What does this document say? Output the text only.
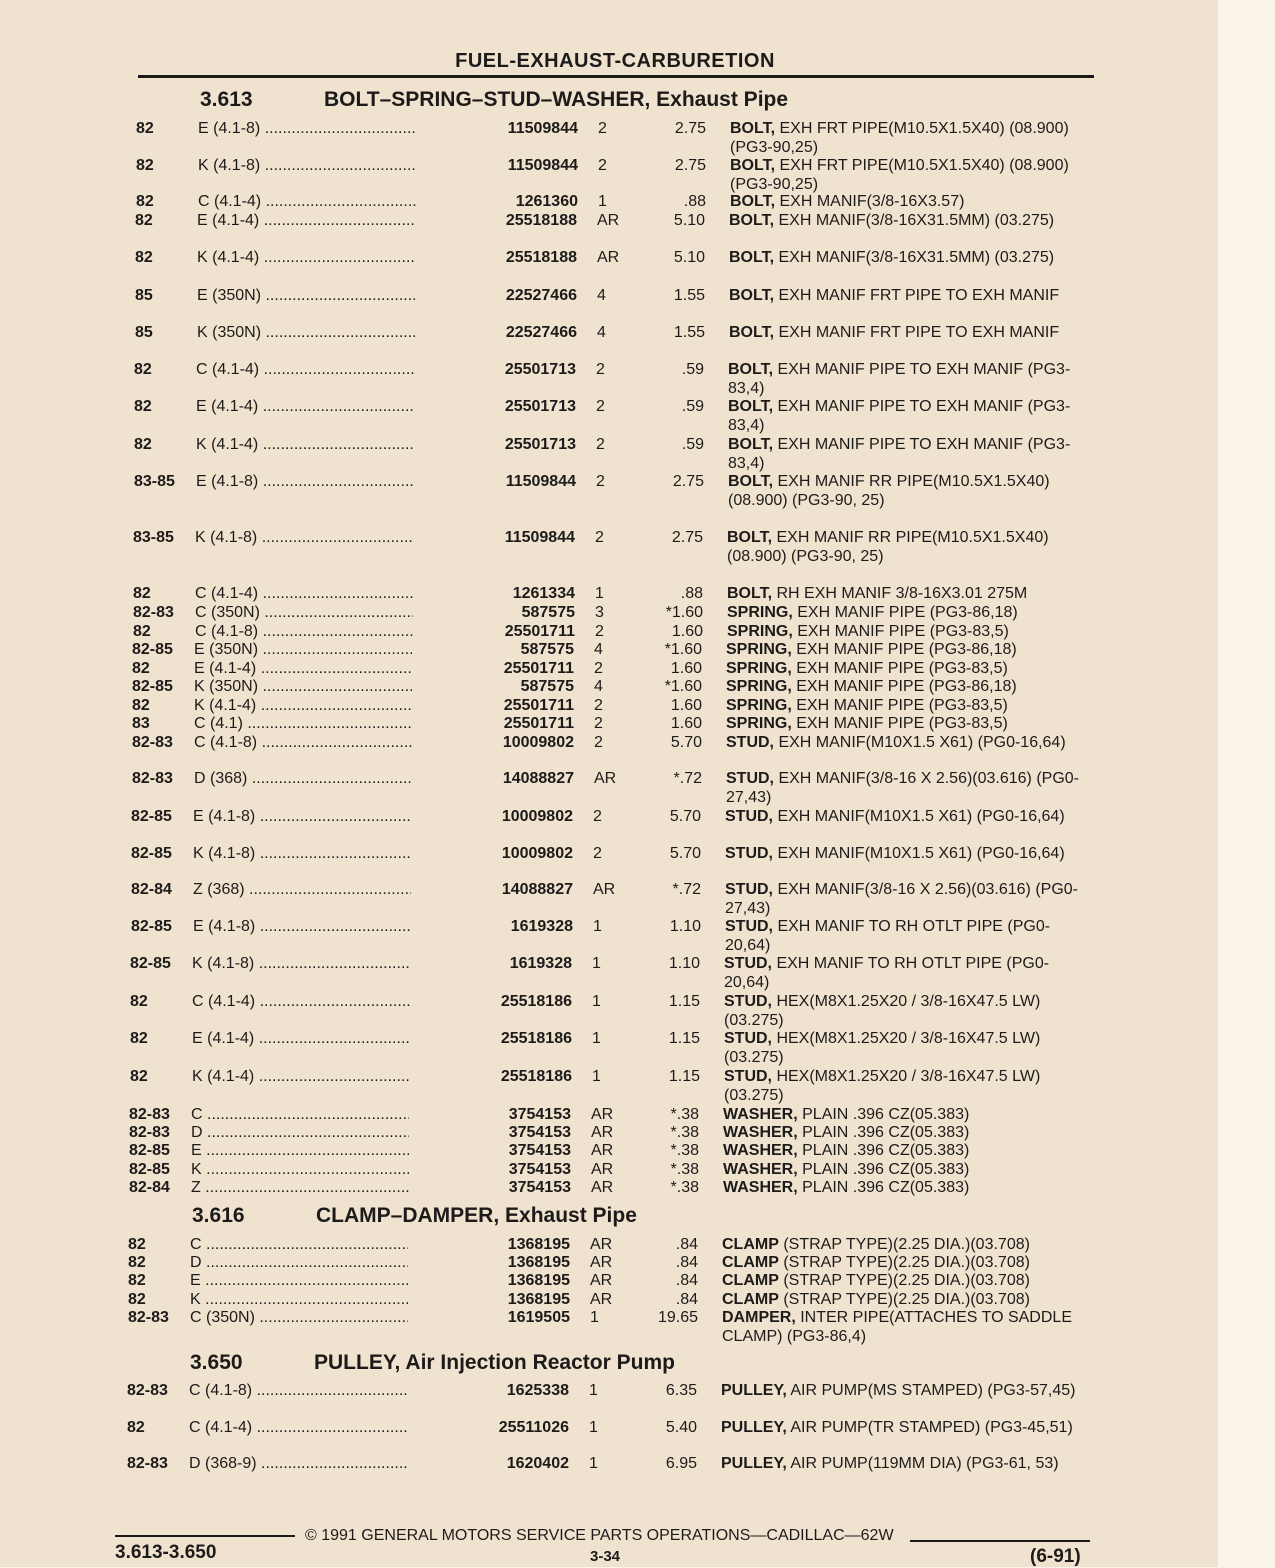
FUEL-EXHAUST-CARBURETION
3.613	BOLT–SPRING–STUD–WASHER, Exhaust Pipe
3.616	CLAMP–DAMPER, Exhaust Pipe
3.650	PULLEY, Air Injection Reactor Pump
82	E (4.1-8) .....	11509844 2	2.75 BOLT, EXH FRT PIPE(M10.5X1.5X40) (08.900) (PG3-90,25)
82	K (4.1-8) .....	11509844 2	2.75 BOLT, EXH FRT PIPE(M10.5X1.5X40) (08.900) (PG3-90,25)
82	C (4.1-4) .....	1261360 1	.88 BOLT, EXH MANIF(3/8-16X3.57)
82	E (4.1-4) .....	25518188 AR	5.10 BOLT, EXH MANIF(3/8-16X31.5MM) (03.275)
82	K (4.1-4) .....	25518188 AR	5.10 BOLT, EXH MANIF(3/8-16X31.5MM) (03.275)
85	E (350N) .....	22527466 4	1.55 BOLT, EXH MANIF FRT PIPE TO EXH MANIF
85	K (350N) .....	22527466 4	1.55 BOLT, EXH MANIF FRT PIPE TO EXH MANIF
82	C (4.1-4) .....	25501713 2	.59 BOLT, EXH MANIF PIPE TO EXH MANIF (PG3-83,4)
82	E (4.1-4) .....	25501713 2	.59 BOLT, EXH MANIF PIPE TO EXH MANIF (PG3-83,4)
82	K (4.1-4) .....	25501713 2	.59 BOLT, EXH MANIF PIPE TO EXH MANIF (PG3-83,4)
83-85 E (4.1-8) .....	11509844 2	2.75 BOLT, EXH MANIF RR PIPE(M10.5X1.5X40)(08.900) (PG3-90, 25)
83-85 K (4.1-8) .....	11509844 2	2.75 BOLT, EXH MANIF RR PIPE(M10.5X1.5X40)(08.900) (PG3-90, 25)
82	C (4.1-4) .....	1261334 1	.88 BOLT, RH EXH MANIF 3/8-16X3.01 275M
82-83 C (350N) .....	587575 3	*1.60 SPRING, EXH MANIF PIPE (PG3-86,18)
82	C (4.1-8) .....	25501711 2	1.60 SPRING, EXH MANIF PIPE (PG3-83,5)
82-85 E (350N) .....	587575 4	*1.60 SPRING, EXH MANIF PIPE (PG3-86,18)
82	E (4.1-4) .....	25501711 2	1.60 SPRING, EXH MANIF PIPE (PG3-83,5)
82-85 K (350N) .....	587575 4	*1.60 SPRING, EXH MANIF PIPE (PG3-86,18)
82	K (4.1-4) .....	25501711 2	1.60 SPRING, EXH MANIF PIPE (PG3-83,5)
83	C (4.1) .....	25501711 2	1.60 SPRING, EXH MANIF PIPE (PG3-83,5)
82-83 C (4.1-8) .....	10009802 2	5.70 STUD, EXH MANIF(M10X1.5 X61) (PG0-16,64)
82-83 D (368) .....	14088827 AR	*.72 STUD, EXH MANIF(3/8-16 X 2.56)(03.616) (PG0-27,43)
82-85 E (4.1-8) .....	10009802 2	5.70 STUD, EXH MANIF(M10X1.5 X61) (PG0-16,64)
82-85 K (4.1-8) .....	10009802 2	5.70 STUD, EXH MANIF(M10X1.5 X61) (PG0-16,64)
82-84 Z (368) .....	14088827 AR	*.72 STUD, EXH MANIF(3/8-16 X 2.56)(03.616) (PG0-27,43)
82-85 E (4.1-8) .....	1619328 1	1.10 STUD, EXH MANIF TO RH OTLT PIPE (PG0-20,64)
82-85 K (4.1-8) .....	1619328 1	1.10 STUD, EXH MANIF TO RH OTLT PIPE (PG0-20,64)
82	C (4.1-4) .....	25518186 1	1.15 STUD, HEX(M8X1.25X20 / 3/8-16X47.5 LW)(03.275)
82	E (4.1-4) .....	25518186 1	1.15 STUD, HEX(M8X1.25X20 / 3/8-16X47.5 LW)(03.275)
82	K (4.1-4) .....	25518186 1	1.15 STUD, HEX(M8X1.25X20 / 3/8-16X47.5 LW)(03.275)
82-83 C .....	3754153 AR	*.38 WASHER, PLAIN .396 CZ(05.383)
82-83 D .....	3754153 AR	*.38 WASHER, PLAIN .396 CZ(05.383)
82-85 E .....	3754153 AR	*.38 WASHER, PLAIN .396 CZ(05.383)
82-85 K .....	3754153 AR	*.38 WASHER, PLAIN .396 CZ(05.383)
82-84 Z .....	3754153 AR	*.38 WASHER, PLAIN .396 CZ(05.383)
82	C .....	1368195 AR	.84 CLAMP (STRAP TYPE)(2.25 DIA.)(03.708)
82	D .....	1368195 AR	.84 CLAMP (STRAP TYPE)(2.25 DIA.)(03.708)
82	E .....	1368195 AR	.84 CLAMP (STRAP TYPE)(2.25 DIA.)(03.708)
82	K .....	1368195 AR	.84 CLAMP (STRAP TYPE)(2.25 DIA.)(03.708)
82-83 C (350N) .....	1619505 1	19.65 DAMPER, INTER PIPE(ATTACHES TO SADDLE CLAMP) (PG3-86,4)
82-83 C (4.1-8) .....	1625338 1	6.35 PULLEY, AIR PUMP(MS STAMPED) (PG3-57,45)
82	C (4.1-4) .....	25511026 1	5.40 PULLEY, AIR PUMP(TR STAMPED) (PG3-45,51)
82-83 D (368-9) .....	1620402 1	6.95 PULLEY, AIR PUMP(119MM DIA) (PG3-61, 53)
© 1991 GENERAL MOTORS SERVICE PARTS OPERATIONS—CADILLAC—62W
3.613-3.650	3-34	(6-91)
